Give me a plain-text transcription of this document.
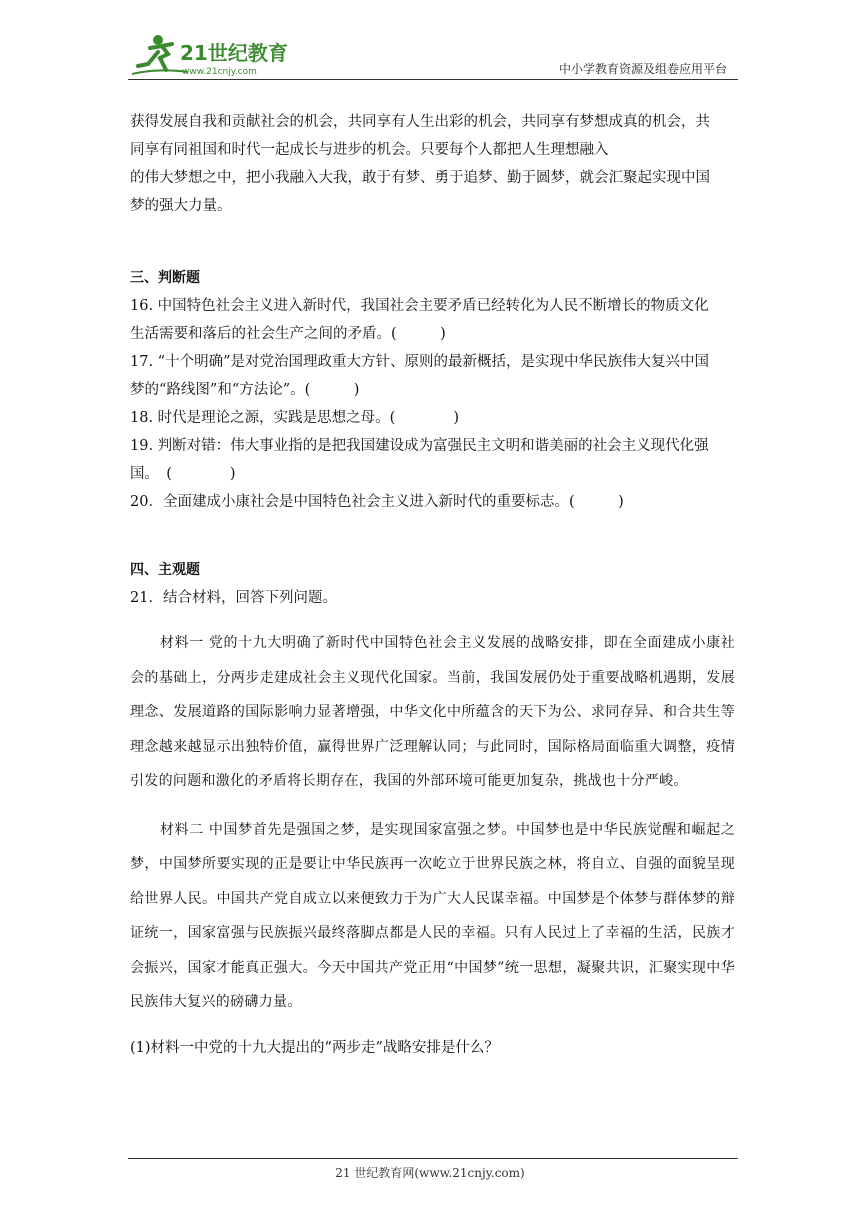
21世纪教育
www.21cnjy.com	中小学教育资源及组卷应用平台
获得发展自我和贡献社会的机会，共同享有人生出彩的机会，共同享有梦想成真的机会，共
同享有同祖国和时代一起成长与进步的机会。只要每个人都把人生理想融入
的伟大梦想之中，把小我融入大我，敢于有梦、勇于追梦、勤于圆梦，就会汇聚起实现中国
梦的强大力量。
三、判断题
16. 中国特色社会主义进入新时代，我国社会主要矛盾已经转化为人民不断增长的物质文化
生活需要和落后的社会生产之间的矛盾。(　　　)
17. “十个明确”是对党治国理政重大方针、原则的最新概括，是实现中华民族伟大复兴中国
梦的“路线图”和“方法论”。(　　　)
18. 时代是理论之源，实践是思想之母。(　　　　)
19. 判断对错：伟大事业指的是把我国建设成为富强民主文明和谐美丽的社会主义现代化强
国。　(　　　　)
20．全面建成小康社会是中国特色社会主义进入新时代的重要标志。(　　　)
四、主观题
21．结合材料，回答下列问题。

材料一 党的十九大明确了新时代中国特色社会主义发展的战略安排，即在全面建成小康社会的基础上，分两步走建成社会主义现代化国家。当前，我国发展仍处于重要战略机遇期，发展理念、发展道路的国际影响力显著增强，中华文化中所蕴含的天下为公、求同存异、和合共生等理念越来越显示出独特价值，赢得世界广泛理解认同；与此同时，国际格局面临重大调整，疫情引发的问题和激化的矛盾将长期存在，我国的外部环境可能更加复杂，挑战也十分严峻。

材料二 中国梦首先是强国之梦，是实现国家富强之梦。中国梦也是中华民族觉醒和崛起之梦，中国梦所要实现的正是要让中华民族再一次屹立于世界民族之林，将自立、自强的面貌呈现给世界人民。中国共产党自成立以来便致力于为广大人民谋幸福。中国梦是个体梦与群体梦的辩证统一，国家富强与民族振兴最终落脚点都是人民的幸福。只有人民过上了幸福的生活，民族才会振兴，国家才能真正强大。今天中国共产党正用“中国梦”统一思想，凝聚共识，汇聚实现中华民族伟大复兴的磅礴力量。

(1)材料一中党的十九大提出的“两步走”战略安排是什么？
21 世纪教育网(www.21cnjy.com)
